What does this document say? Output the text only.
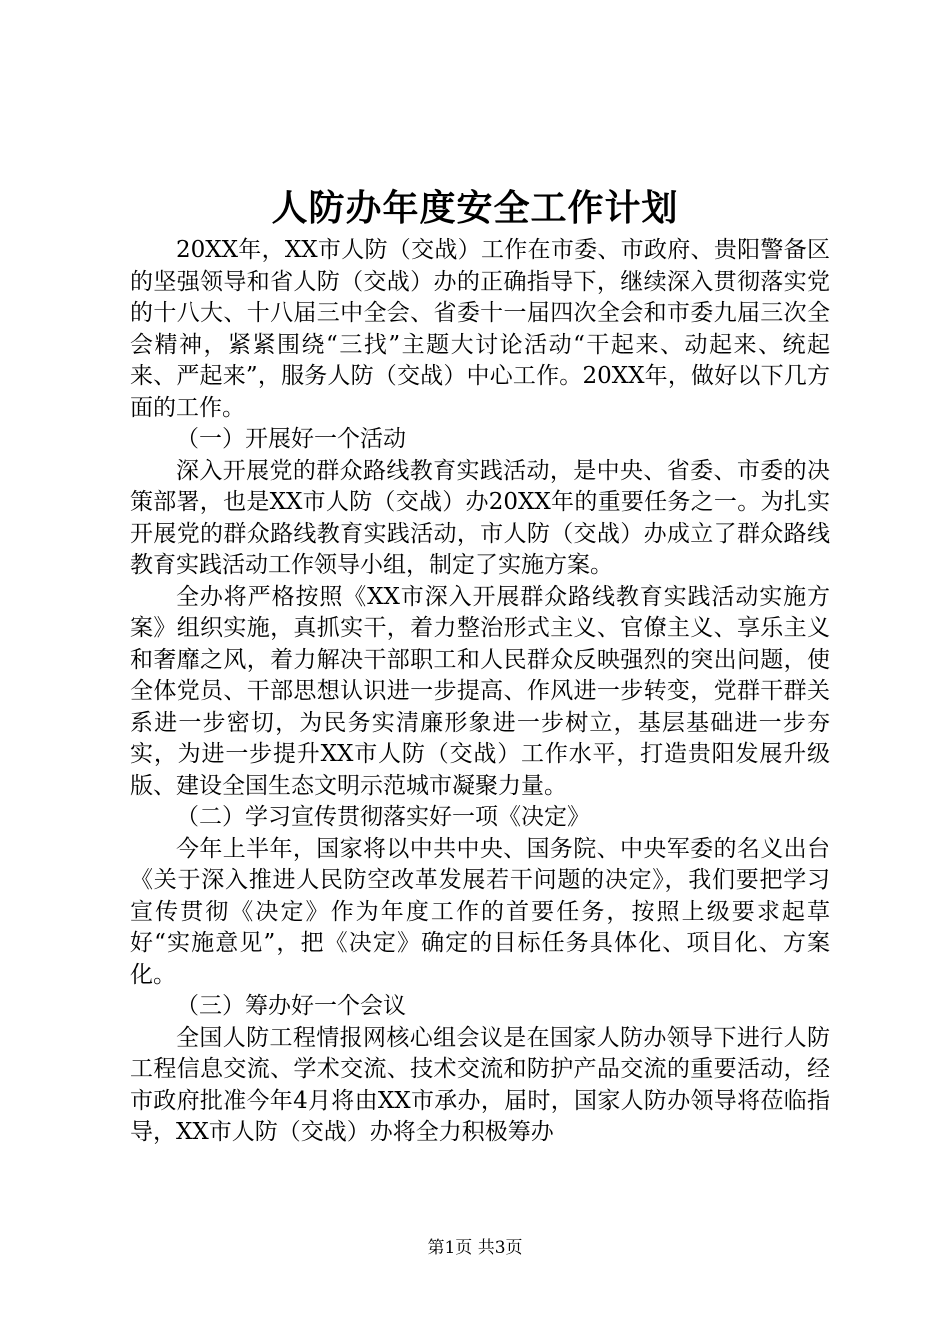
人防办年度安全工作计划

20XX年，XX市人防（交战）工作在市委、市政府、贵阳警备区的坚强领导和省人防（交战）办的正确指导下，继续深入贯彻落实党的十八大、十八届三中全会、省委十一届四次全会和市委九届三次全会精神，紧紧围绕“三找”主题大讨论活动“干起来、动起来、统起来、严起来”，服务人防（交战）中心工作。20XX年，做好以下几方面的工作。

（一）开展好一个活动

深入开展党的群众路线教育实践活动，是中央、省委、市委的决策部署，也是XX市人防（交战）办20XX年的重要任务之一。为扎实开展党的群众路线教育实践活动，市人防（交战）办成立了群众路线教育实践活动工作领导小组，制定了实施方案。

全办将严格按照《XX市深入开展群众路线教育实践活动实施方案》组织实施，真抓实干，着力整治形式主义、官僚主义、享乐主义和奢靡之风，着力解决干部职工和人民群众反映强烈的突出问题，使全体党员、干部思想认识进一步提高、作风进一步转变，党群干群关系进一步密切，为民务实清廉形象进一步树立，基层基础进一步夯实，为进一步提升XX市人防（交战）工作水平，打造贵阳发展升级版、建设全国生态文明示范城市凝聚力量。

（二）学习宣传贯彻落实好一项《决定》

今年上半年，国家将以中共中央、国务院、中央军委的名义出台《关于深入推进人民防空改革发展若干问题的决定》，我们要把学习宣传贯彻《决定》作为年度工作的首要任务，按照上级要求起草好“实施意见”，把《决定》确定的目标任务具体化、项目化、方案化。

（三）筹办好一个会议

全国人防工程情报网核心组会议是在国家人防办领导下进行人防工程信息交流、学术交流、技术交流和防护产品交流的重要活动，经市政府批准今年4月将由XX市承办，届时，国家人防办领导将莅临指导，XX市人防（交战）办将全力积极筹办

第1页 共3页
